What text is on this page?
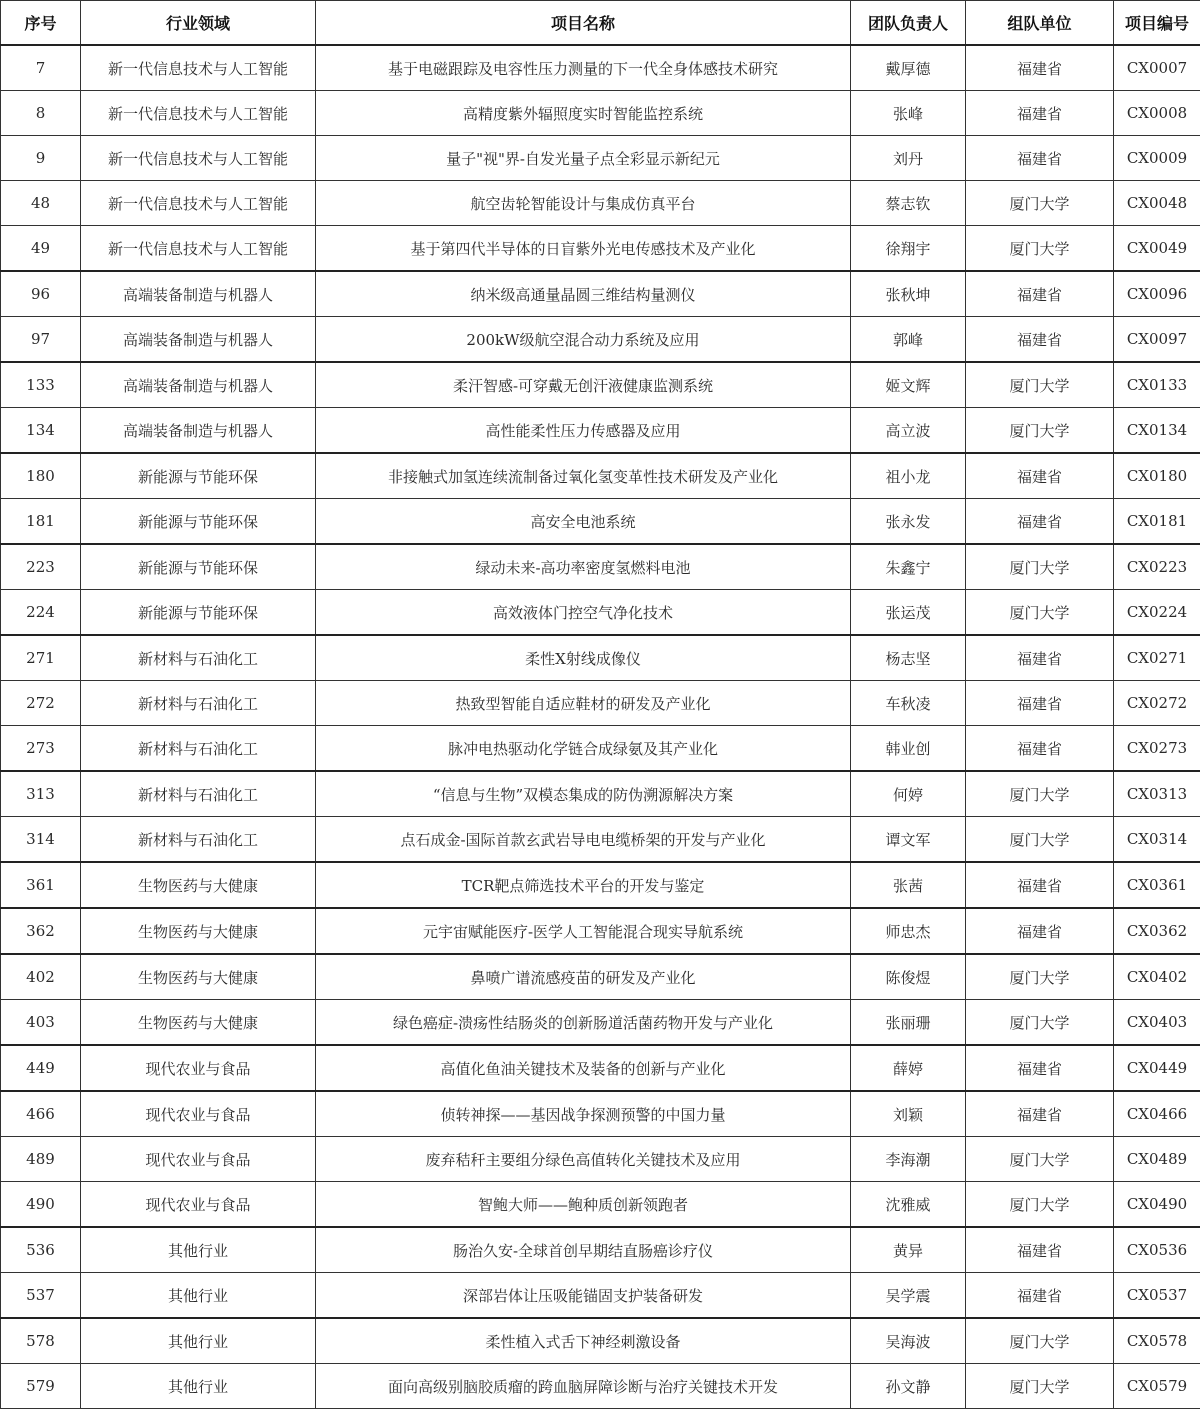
序号	行业领域	项目名称	团队负责人	组队单位	项目编号
7	新一代信息技术与人工智能	基于电磁跟踪及电容性压力测量的下一代全身体感技术研究	戴厚德	福建省	CX0007
8	新一代信息技术与人工智能	高精度紫外辐照度实时智能监控系统	张峰	福建省	CX0008
9	新一代信息技术与人工智能	量子"视"界-自发光量子点全彩显示新纪元	刘丹	福建省	CX0009
48	新一代信息技术与人工智能	航空齿轮智能设计与集成仿真平台	蔡志钦	厦门大学	CX0048
49	新一代信息技术与人工智能	基于第四代半导体的日盲紫外光电传感技术及产业化	徐翔宇	厦门大学	CX0049
96	高端装备制造与机器人	纳米级高通量晶圆三维结构量测仪	张秋坤	福建省	CX0096
97	高端装备制造与机器人	200kW级航空混合动力系统及应用	郭峰	福建省	CX0097
133	高端装备制造与机器人	柔汗智感-可穿戴无创汗液健康监测系统	姬文辉	厦门大学	CX0133
134	高端装备制造与机器人	高性能柔性压力传感器及应用	高立波	厦门大学	CX0134
180	新能源与节能环保	非接触式加氢连续流制备过氧化氢变革性技术研发及产业化	祖小龙	福建省	CX0180
181	新能源与节能环保	高安全电池系统	张永发	福建省	CX0181
223	新能源与节能环保	绿动未来-高功率密度氢燃料电池	朱鑫宁	厦门大学	CX0223
224	新能源与节能环保	高效液体门控空气净化技术	张运茂	厦门大学	CX0224
271	新材料与石油化工	柔性X射线成像仪	杨志坚	福建省	CX0271
272	新材料与石油化工	热致型智能自适应鞋材的研发及产业化	车秋凌	福建省	CX0272
273	新材料与石油化工	脉冲电热驱动化学链合成绿氨及其产业化	韩业创	福建省	CX0273
313	新材料与石油化工	“信息与生物”双模态集成的防伪溯源解决方案	何婷	厦门大学	CX0313
314	新材料与石油化工	点石成金-国际首款玄武岩导电电缆桥架的开发与产业化	谭文军	厦门大学	CX0314
361	生物医药与大健康	TCR靶点筛选技术平台的开发与鉴定	张茜	福建省	CX0361
362	生物医药与大健康	元宇宙赋能医疗-医学人工智能混合现实导航系统	师忠杰	福建省	CX0362
402	生物医药与大健康	鼻喷广谱流感疫苗的研发及产业化	陈俊煜	厦门大学	CX0402
403	生物医药与大健康	绿色癌症-溃疡性结肠炎的创新肠道活菌药物开发与产业化	张丽珊	厦门大学	CX0403
449	现代农业与食品	高值化鱼油关键技术及装备的创新与产业化	薛婷	福建省	CX0449
466	现代农业与食品	侦转神探——基因战争探测预警的中国力量	刘颖	福建省	CX0466
489	现代农业与食品	废弃秸秆主要组分绿色高值转化关键技术及应用	李海潮	厦门大学	CX0489
490	现代农业与食品	智鲍大师——鲍种质创新领跑者	沈雅威	厦门大学	CX0490
536	其他行业	肠治久安-全球首创早期结直肠癌诊疗仪	黄异	福建省	CX0536
537	其他行业	深部岩体让压吸能锚固支护装备研发	吴学震	福建省	CX0537
578	其他行业	柔性植入式舌下神经刺激设备	吴海波	厦门大学	CX0578
579	其他行业	面向高级别脑胶质瘤的跨血脑屏障诊断与治疗关键技术开发	孙文静	厦门大学	CX0579
